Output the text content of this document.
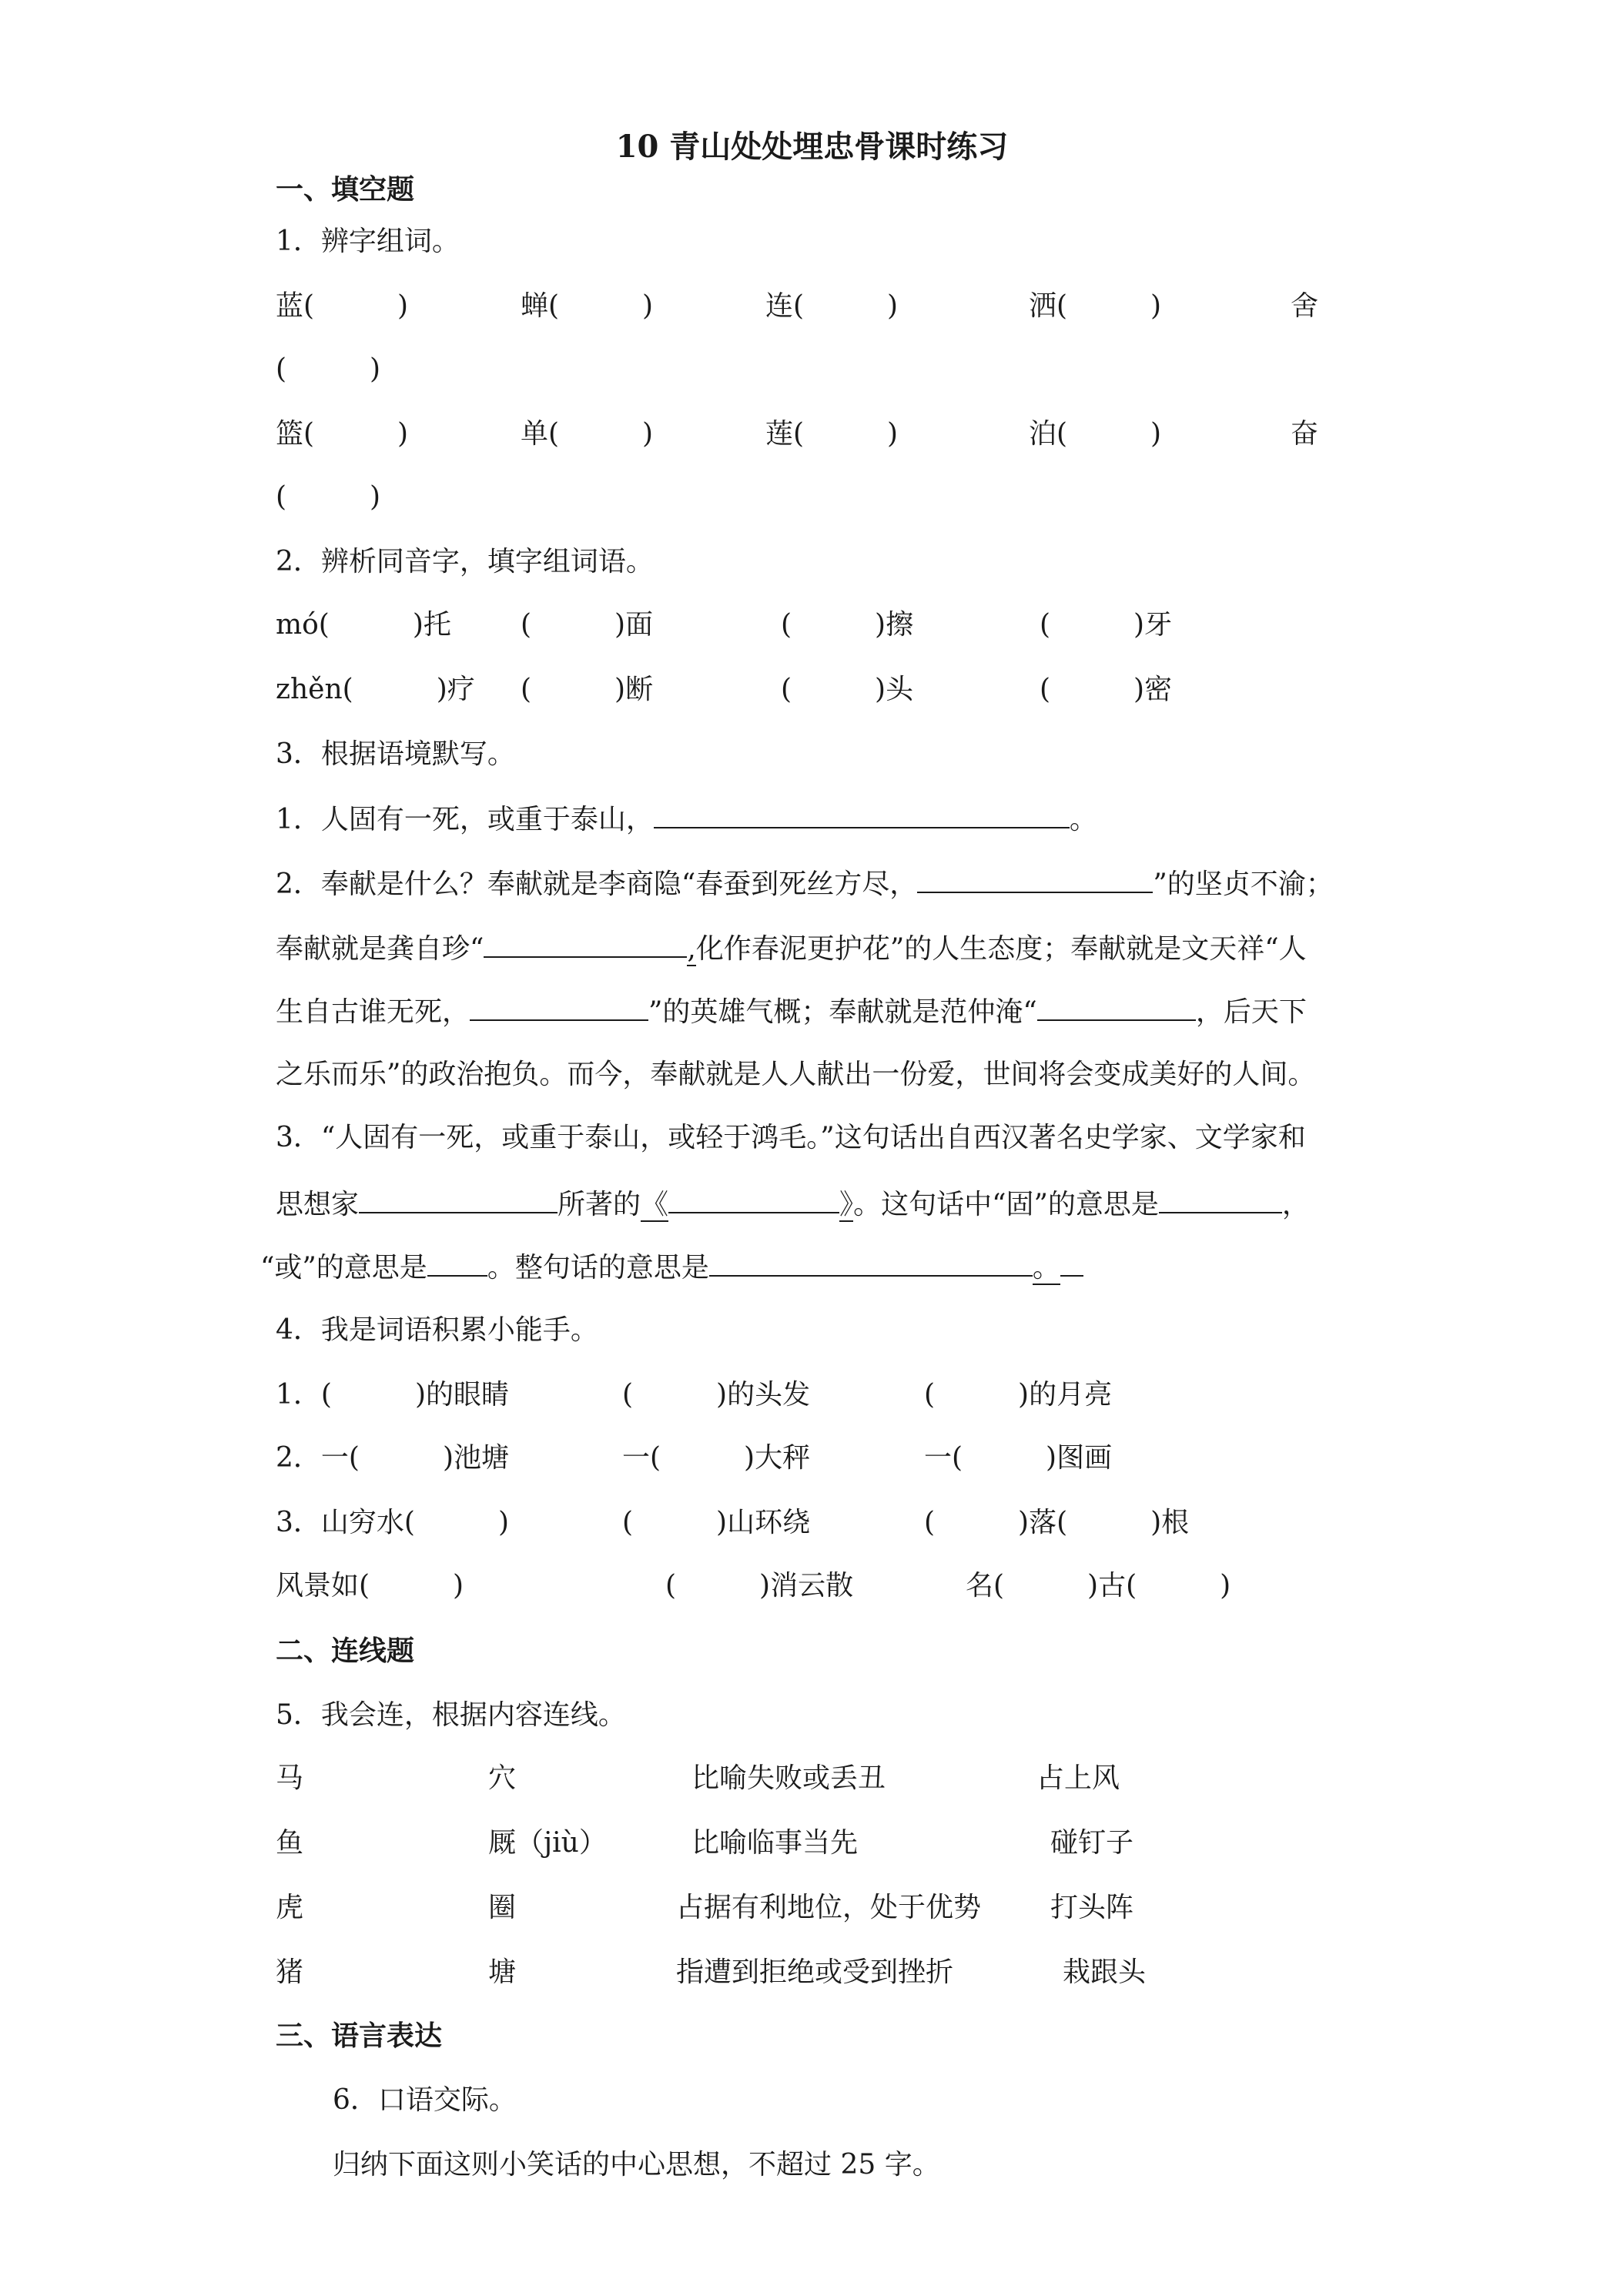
10 青山处处埋忠骨课时练习
一、填空题
1．辨字组词。
蓝(　　　)	蝉(　　　)	连(　　　)	洒(　　　)	舍
(　　　)
篮(　　　)	单(　　　)	莲(　　　)	泊(　　　)	奋
(　　　)
2．辨析同音字，填字组词语。
mó(　　　)托	(　　　)面	(　　　)擦	(　　　)牙
zhěn(　　　)疗 (　　　)断	(　　　)头	(　　　)密
3．根据语境默写。
1．人固有一死，或重于泰山，	。
2．奉献是什么？奉献就是李商隐“春蚕到死丝方尽，	”的坚贞不渝；
奉献就是龚自珍“	,化作春泥更护花”的人生态度；奉献就是文天祥“人
生自古谁无死，	”的英雄气概；奉献就是范仲淹“	，后天下
之乐而乐”的政治抱负。而今，奉献就是人人献出一份爱，世间将会变成美好的人间。
3．“人固有一死，或重于泰山，或轻于鸿毛。”这句话出自西汉著名史学家、文学家和
思想家	所著的《	》。这句话中“固”的意思是	，
“或”的意思是 。整句话的意思是	。
4．我是词语积累小能手。
1．(　　　)的眼睛	(　　　)的头发	(　　　)的月亮
2．一(　　　)池塘	一(　　　)大秤	一(　　　)图画
3．山穷水(　　　)	(　　　)山环绕	(　　　)落(　　　)根
风景如(　　　)	(　　　)消云散	名(　　　)古(　　　)
二、连线题
5．我会连，根据内容连线。
马	穴	比喻失败或丢丑	占上风
鱼	厩（jiù）	比喻临事当先	碰钉子
虎	圈	占据有利地位，处于优势 打头阵
猪	塘	指遭到拒绝或受到挫折	栽跟头
三、语言表达
6．口语交际。
归纳下面这则小笑话的中心思想，不超过 25 字。
